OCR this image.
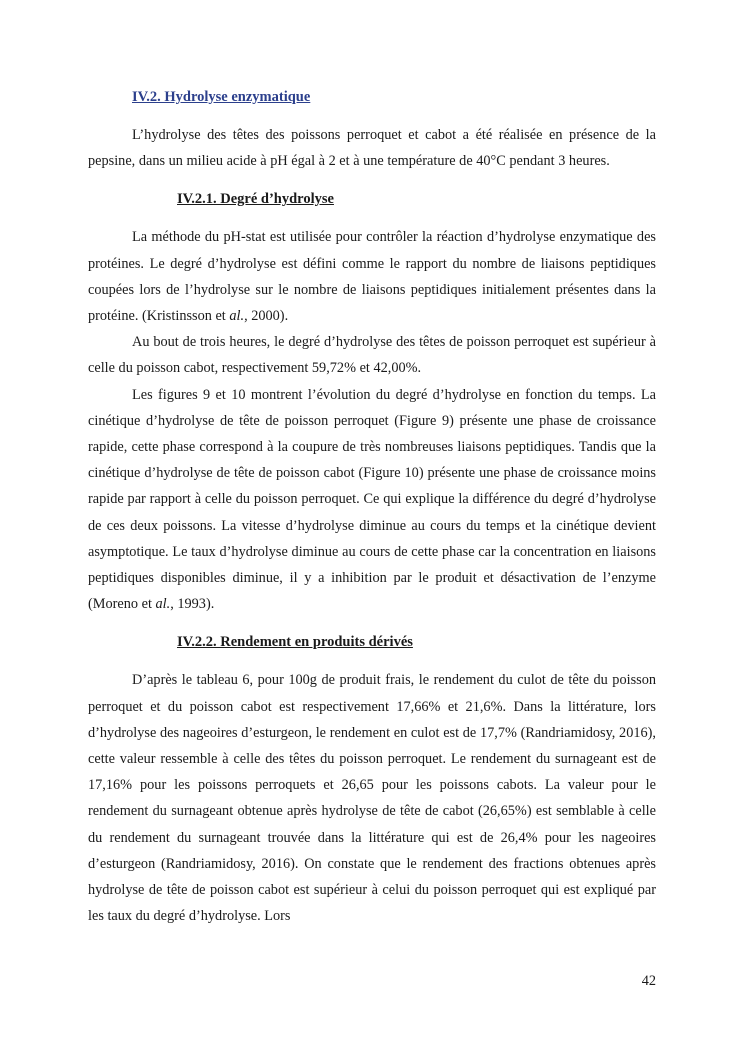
IV.2. Hydrolyse enzymatique

L’hydrolyse des têtes des poissons perroquet et cabot a été réalisée en présence de la pepsine, dans un milieu acide à pH égal à 2 et à une température de 40°C pendant 3 heures.

IV.2.1. Degré d’hydrolyse

La méthode du pH-stat est utilisée pour contrôler la réaction d’hydrolyse enzymatique des protéines. Le degré d’hydrolyse est défini comme le rapport du nombre de liaisons peptidiques coupées lors de l’hydrolyse sur le nombre de liaisons peptidiques initialement présentes dans la protéine. (Kristinsson et al., 2000).

Au bout de trois heures, le degré d’hydrolyse des têtes de poisson perroquet est supérieur à celle du poisson cabot, respectivement 59,72% et 42,00%.

Les figures 9 et 10 montrent l’évolution du degré d’hydrolyse en fonction du temps. La cinétique d’hydrolyse de tête de poisson perroquet (Figure 9) présente une phase de croissance rapide, cette phase correspond à la coupure de très nombreuses liaisons peptidiques. Tandis que la cinétique d’hydrolyse de tête de poisson cabot (Figure 10) présente une phase de croissance moins rapide par rapport à celle du poisson perroquet. Ce qui explique la différence du degré d’hydrolyse de ces deux poissons. La vitesse d’hydrolyse diminue au cours du temps et la cinétique devient asymptotique. Le taux d’hydrolyse diminue au cours de cette phase car la concentration en liaisons peptidiques disponibles diminue, il y a inhibition par le produit et désactivation de l’enzyme (Moreno et al., 1993).

IV.2.2. Rendement en produits dérivés

D’après le tableau 6, pour 100g de produit frais, le rendement du culot de tête du poisson perroquet et du poisson cabot est respectivement 17,66% et 21,6%. Dans la littérature, lors d’hydrolyse des nageoires d’esturgeon, le rendement en culot est de 17,7% (Randriamidosy, 2016), cette valeur ressemble à celle des têtes du poisson perroquet. Le rendement du surnageant est de 17,16% pour les poissons perroquets et 26,65 pour les poissons cabots. La valeur pour le rendement du surnageant obtenue après hydrolyse de tête de cabot (26,65%) est semblable à celle du rendement du surnageant trouvée dans la littérature qui est de 26,4% pour les nageoires d’esturgeon (Randriamidosy, 2016). On constate que le rendement des fractions obtenues après hydrolyse de tête de poisson cabot est supérieur à celui du poisson perroquet qui est expliqué par les taux du degré d’hydrolyse. Lors

42
